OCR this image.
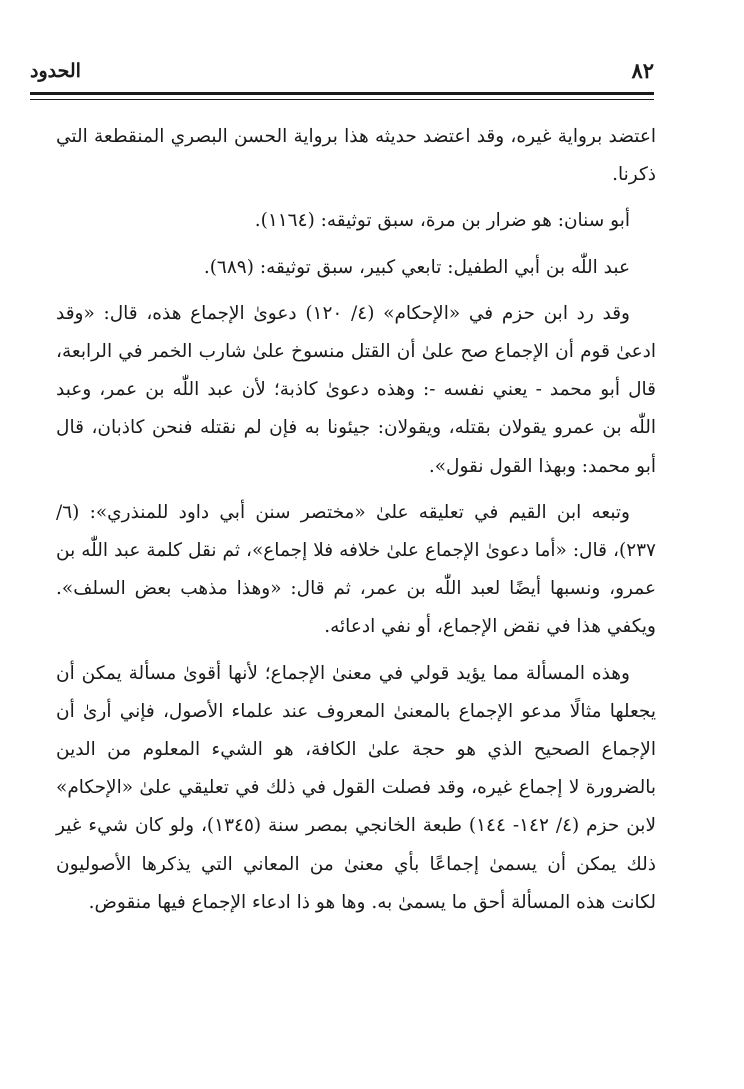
٨٢
الحدود

اعتضد برواية غيره، وقد اعتضد حديثه هذا برواية الحسن البصري المنقطعة التي ذكرنا.

أبو سنان: هو ضرار بن مرة، سبق توثيقه: (١١٦٤).

عبد اللّٰه بن أبي الطفيل: تابعي كبير، سبق توثيقه: (٦٨٩).

وقد رد ابن حزم في «الإحكام» (٤/ ١٢٠) دعوىٰ الإجماع هذه، قال: «وقد ادعىٰ قوم أن الإجماع صح علىٰ أن القتل منسوخ علىٰ شارب الخمر في الرابعة، قال أبو محمد - يعني نفسه -: وهذه دعوىٰ كاذبة؛ لأن عبد اللّٰه بن عمر، وعبد اللّٰه بن عمرو يقولان بقتله، ويقولان: جيئونا به فإن لم نقتله فنحن كاذبان، قال أبو محمد: وبهذا القول نقول».

وتبعه ابن القيم في تعليقه علىٰ «مختصر سنن أبي داود للمنذري»: (٦/ ٢٣٧)، قال: «أما دعوىٰ الإجماع علىٰ خلافه فلا إجماع»، ثم نقل كلمة عبد اللّٰه بن عمرو، ونسبها أيضًا لعبد اللّٰه بن عمر، ثم قال: «وهذا مذهب بعض السلف». ويكفي هذا في نقض الإجماع، أو نفي ادعائه.

وهذه المسألة مما يؤيد قولي في معنىٰ الإجماع؛ لأنها أقوىٰ مسألة يمكن أن يجعلها مثالًا مدعو الإجماع بالمعنىٰ المعروف عند علماء الأصول، فإني أرىٰ أن الإجماع الصحيح الذي هو حجة علىٰ الكافة، هو الشيء المعلوم من الدين بالضرورة لا إجماع غيره، وقد فصلت القول في ذلك في تعليقي علىٰ «الإحكام» لابن حزم (٤/ ١٤٢- ١٤٤) طبعة الخانجي بمصر سنة (١٣٤٥)، ولو كان شيء غير ذلك يمكن أن يسمىٰ إجماعًا بأي معنىٰ من المعاني التي يذكرها الأصوليون لكانت هذه المسألة أحق ما يسمىٰ به. وها هو ذا ادعاء الإجماع فيها منقوض.
